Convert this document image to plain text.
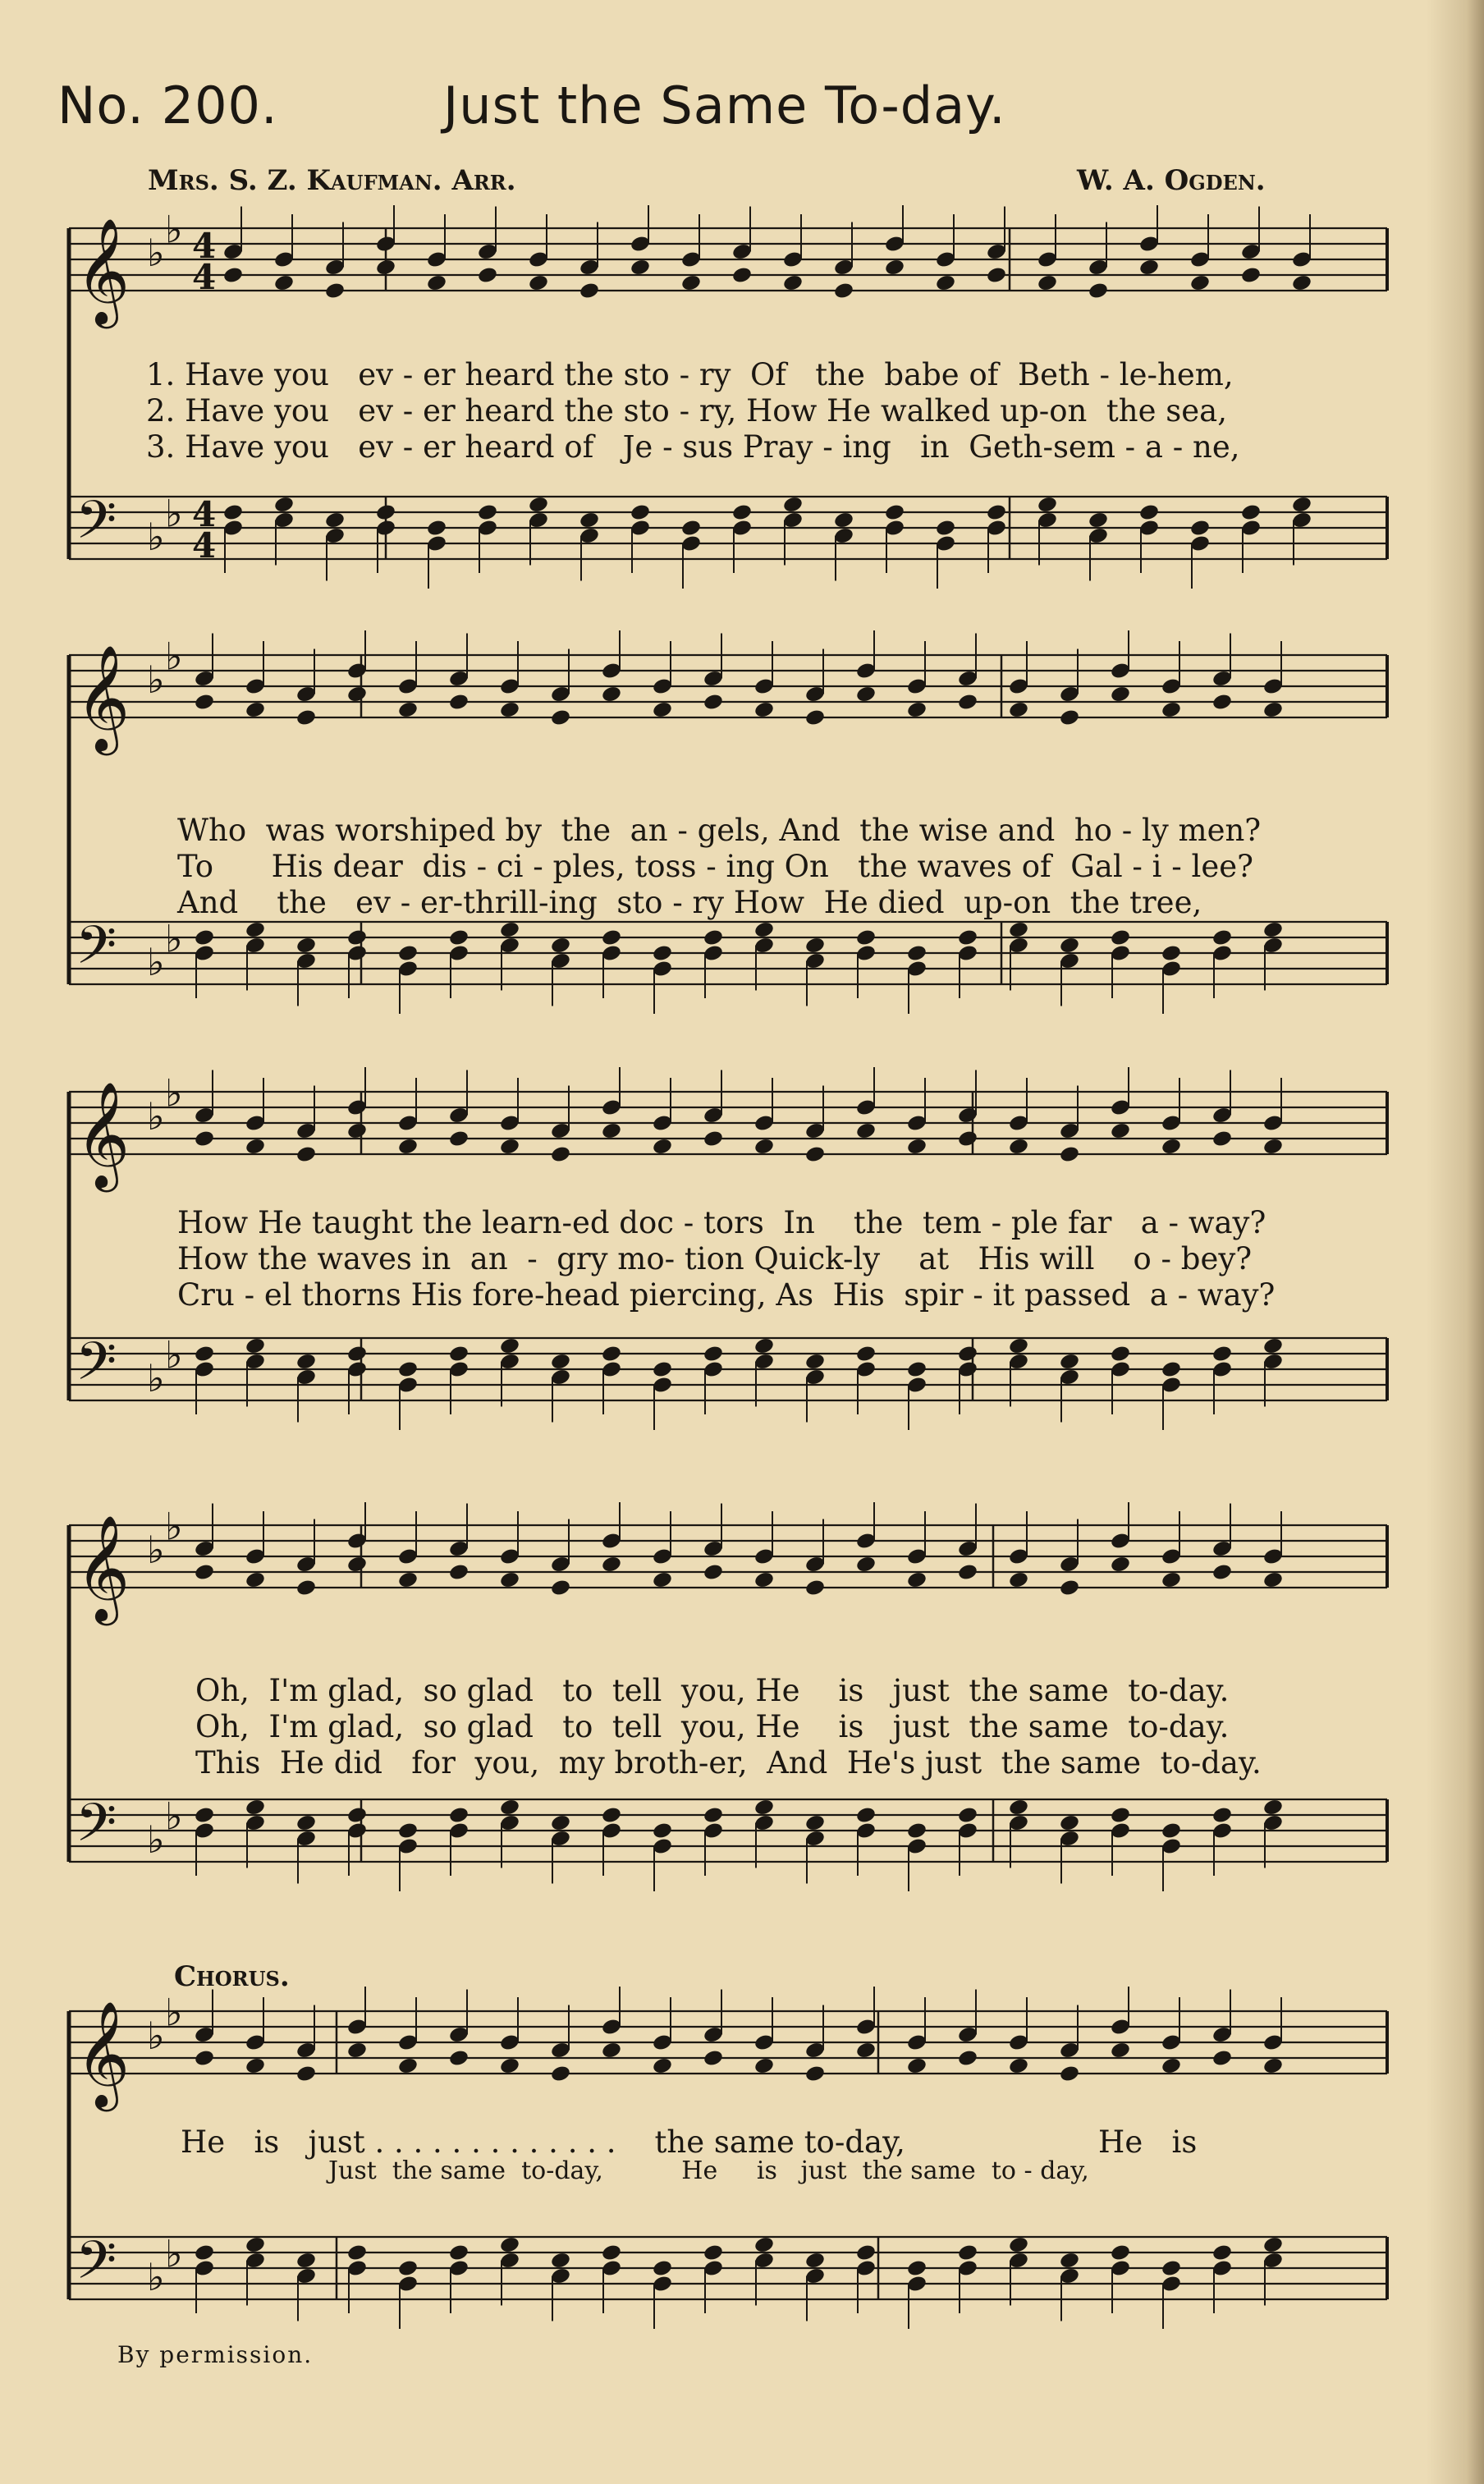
No. 200.	Just the Same To-day.
Mrs. S. Z. Kaufman. Arr.	W. A. Ogden.
𝄞 ♭
♭ 4
4
𝄢 ♭
♭ 4
4
1. Have you   ev - er heard the sto - ry  Of   the  babe of  Beth - le-hem,
2. Have you   ev - er heard the sto - ry, How He walked up-on  the sea,
3. Have you   ev - er heard of   Je - sus Pray - ing   in  Geth-sem - a - ne,
𝄞 ♭
♭
𝄢 ♭
♭
Who  was worshiped by  the  an - gels, And  the wise and  ho - ly men?
To      His dear  dis - ci - ples, toss - ing On   the waves of  Gal - i - lee?
And    the   ev - er-thrill-ing  sto - ry How  He died  up-on  the tree,
𝄞 ♭
♭
𝄢 ♭
♭
How He taught the learn-ed doc - tors  In    the  tem - ple far   a - way?
How the waves in  an  -  gry mo- tion Quick-ly    at   His will    o - bey?
Cru - el thorns His fore-head piercing, As  His  spir - it passed  a - way?
𝄞 ♭
♭
𝄢 ♭
♭
Oh,  I'm glad,  so glad   to  tell  you, He    is   just  the same  to-day.
Oh,  I'm glad,  so glad   to  tell  you, He    is   just  the same  to-day.
This  He did   for  you,  my broth-er,  And  He's just  the same  to-day.
Chorus.
𝄞 ♭
♭
𝄢 ♭
♭
He   is   just . . . . . . . . . . . . .    the same to-day,                    He   is
Just  the same  to-day,          He     is   just  the same  to - day,
By permission.
